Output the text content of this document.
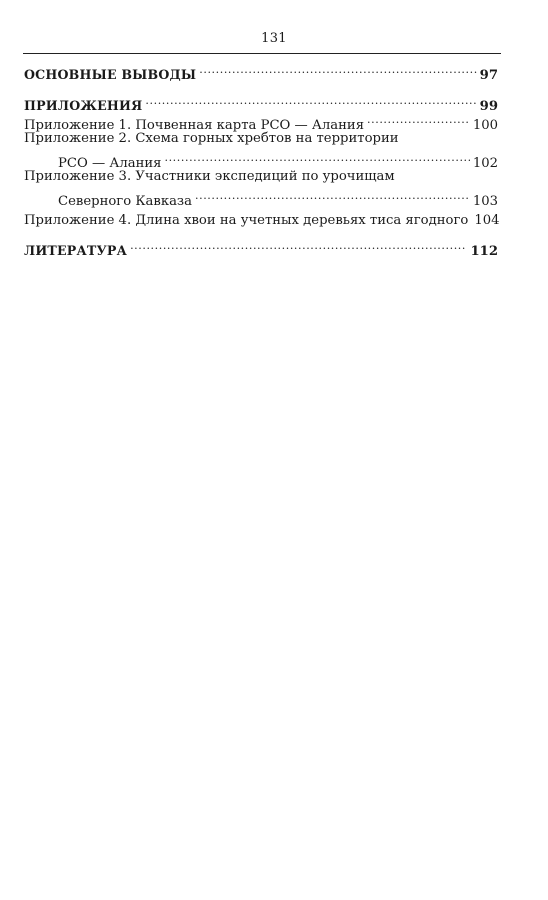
131
ОСНОВНЫЕ ВЫВОДЫ .....	97
ПРИЛОЖЕНИЯ .....	99
Приложение 1. Почвенная карта РСО — Алания .....	100
Приложение 2. Схема горных хребтов на территории
РСО — Алания .....	102
Приложение 3. Участники экспедиций по урочищам
Северного Кавказа .....	103
Приложение 4. Длина хвои на учетных деревьях тиса ягодного 104
ЛИТЕРАТУРА .....	112
